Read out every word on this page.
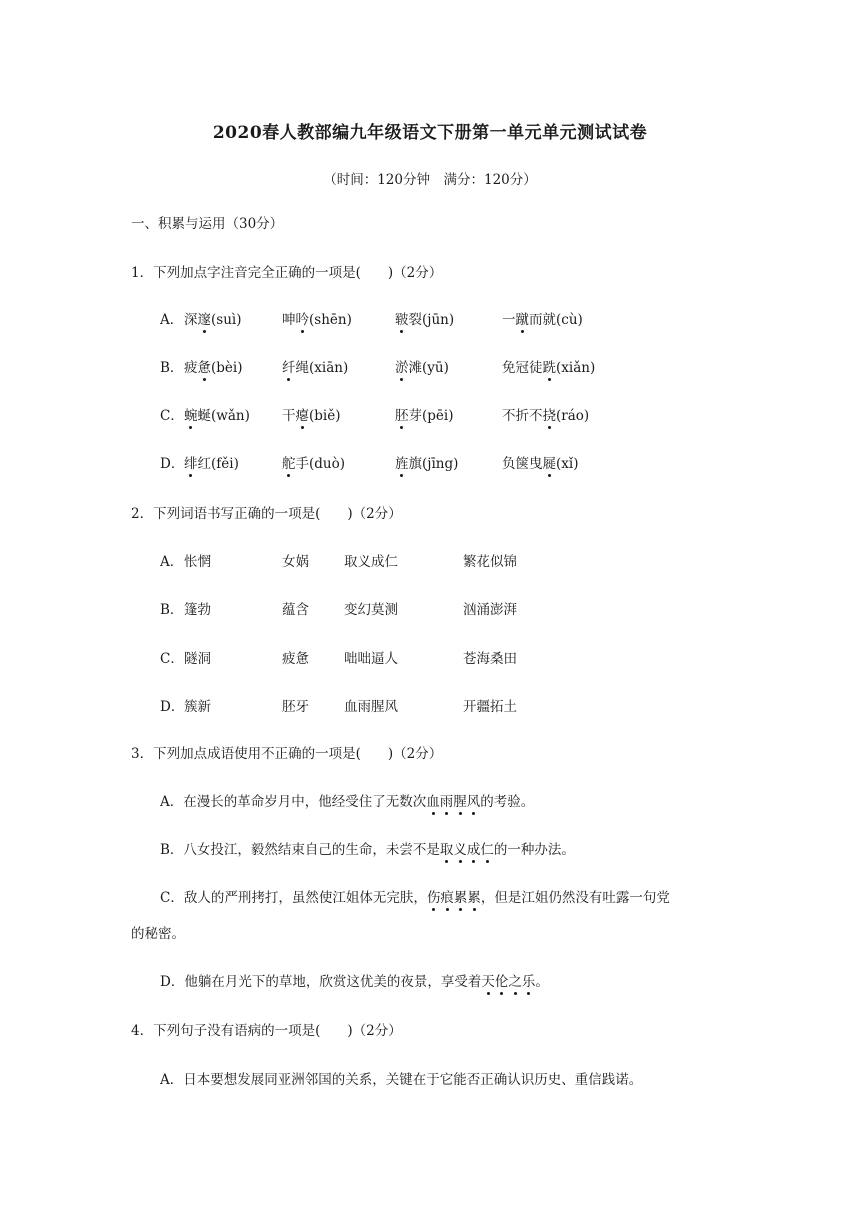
2020春人教部编九年级语文下册第一单元单元测试试卷
（时间：120分钟　满分：120分）
一、积累与运用（30分）
1．下列加点字注音完全正确的一项是(　　)（2分）
A． 深邃(suì)	呻吟(shēn)	皲裂(jūn)	一蹴而就(cù)
B． 疲惫(bèi)	纤绳(xiān)	淤滩(yū)	免冠徒跣(xiǎn)
C． 蜿蜒(wǎn) 干瘪(biě)	胚芽(pēi)	不折不挠(ráo)
D． 绯红(fěi)	舵手(duò)	旌旗(jīng)	负箧曳屣(xǐ)
2．下列词语书写正确的一项是(　　)（2分）
A． 怅惘	女娲	取义成仁	繁花似锦
B． 篷勃	蕴含	变幻莫测	汹涌澎湃
C． 隧洞	疲惫	咄咄逼人	苍海桑田
D． 簇新	胚牙	血雨腥风	开疆拓土
3．下列加点成语使用不正确的一项是(　　)（2分）
A．在漫长的革命岁月中，他经受住了无数次血雨腥风的考验。
B．八女投江，毅然结束自己的生命，未尝不是取义成仁的一种办法。
C．敌人的严刑拷打，虽然使江姐体无完肤，伤痕累累，但是江姐仍然没有吐露一句党
的秘密。
D．他躺在月光下的草地，欣赏这优美的夜景，享受着天伦之乐。
4．下列句子没有语病的一项是(　　)（2分）
A．日本要想发展同亚洲邻国的关系，关键在于它能否正确认识历史、重信践诺。
